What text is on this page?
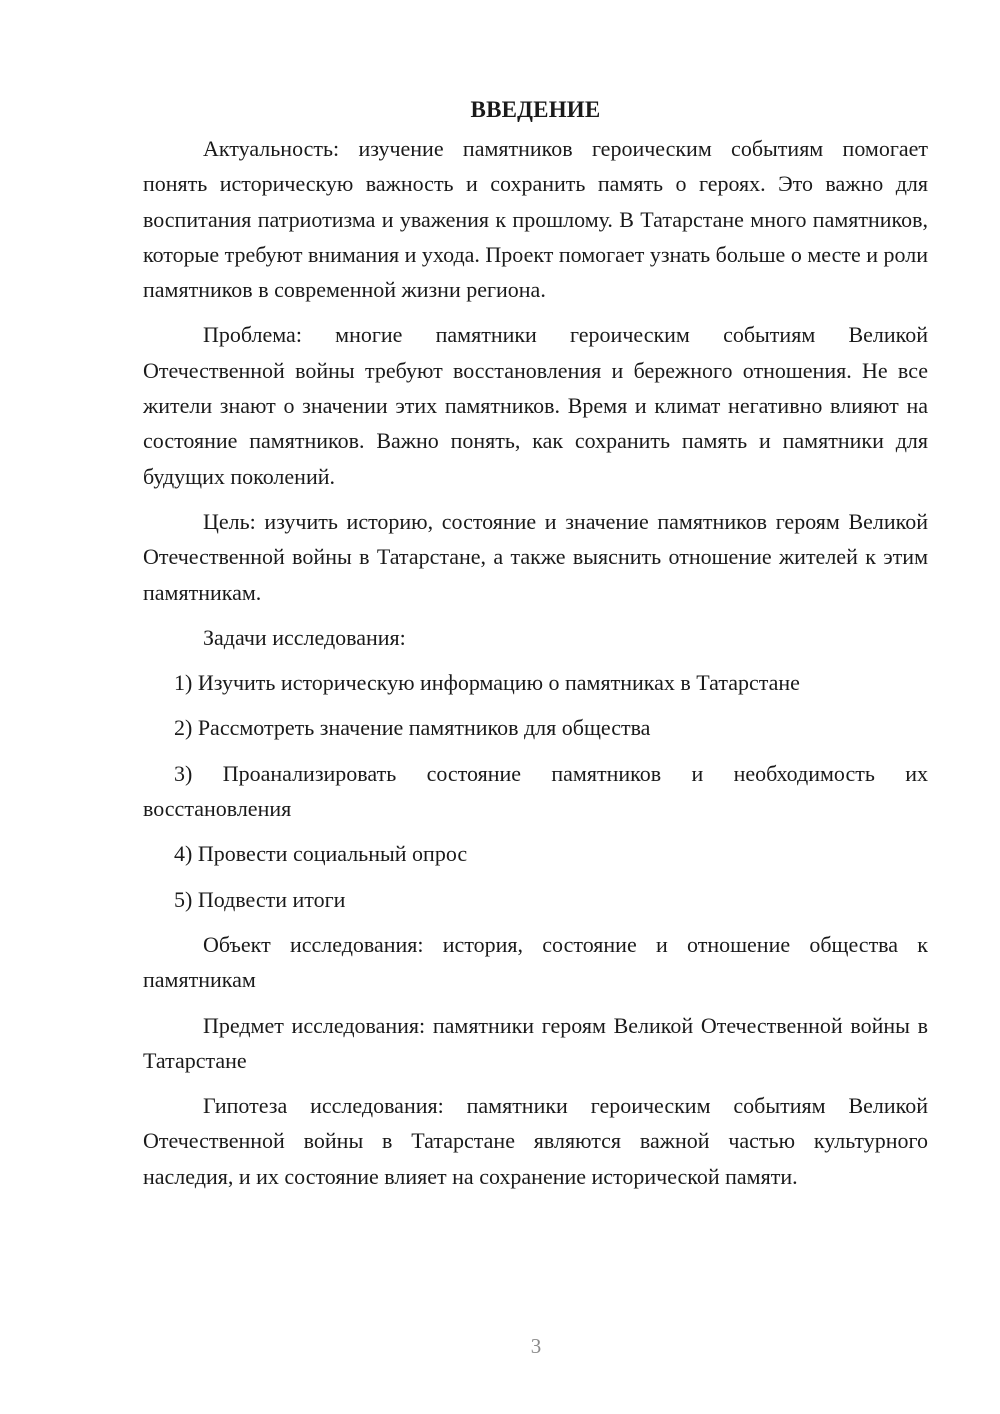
ВВЕДЕНИЕ

Актуальность: изучение памятников героическим событиям помогает понять историческую важность и сохранить память о героях. Это важно для воспитания патриотизма и уважения к прошлому. В Татарстане много памятников, которые требуют внимания и ухода. Проект помогает узнать больше о месте и роли памятников в современной жизни региона.

Проблема: многие памятники героическим событиям Великой Отечественной войны требуют восстановления и бережного отношения. Не все жители знают о значении этих памятников. Время и климат негативно влияют на состояние памятников. Важно понять, как сохранить память и памятники для будущих поколений.

Цель: изучить историю, состояние и значение памятников героям Великой Отечественной войны в Татарстане, а также выяснить отношение жителей к этим памятникам.

Задачи исследования:

1) Изучить историческую информацию о памятниках в Татарстане

2) Рассмотреть значение памятников для общества

3) Проанализировать состояние памятников и необходимость их восстановления

4) Провести социальный опрос

5) Подвести итоги

Объект исследования: история, состояние и отношение общества к памятникам

Предмет исследования: памятники героям Великой Отечественной войны в Татарстане

Гипотеза исследования: памятники героическим событиям Великой Отечественной войны в Татарстане являются важной частью культурного наследия, и их состояние влияет на сохранение исторической памяти.

3
